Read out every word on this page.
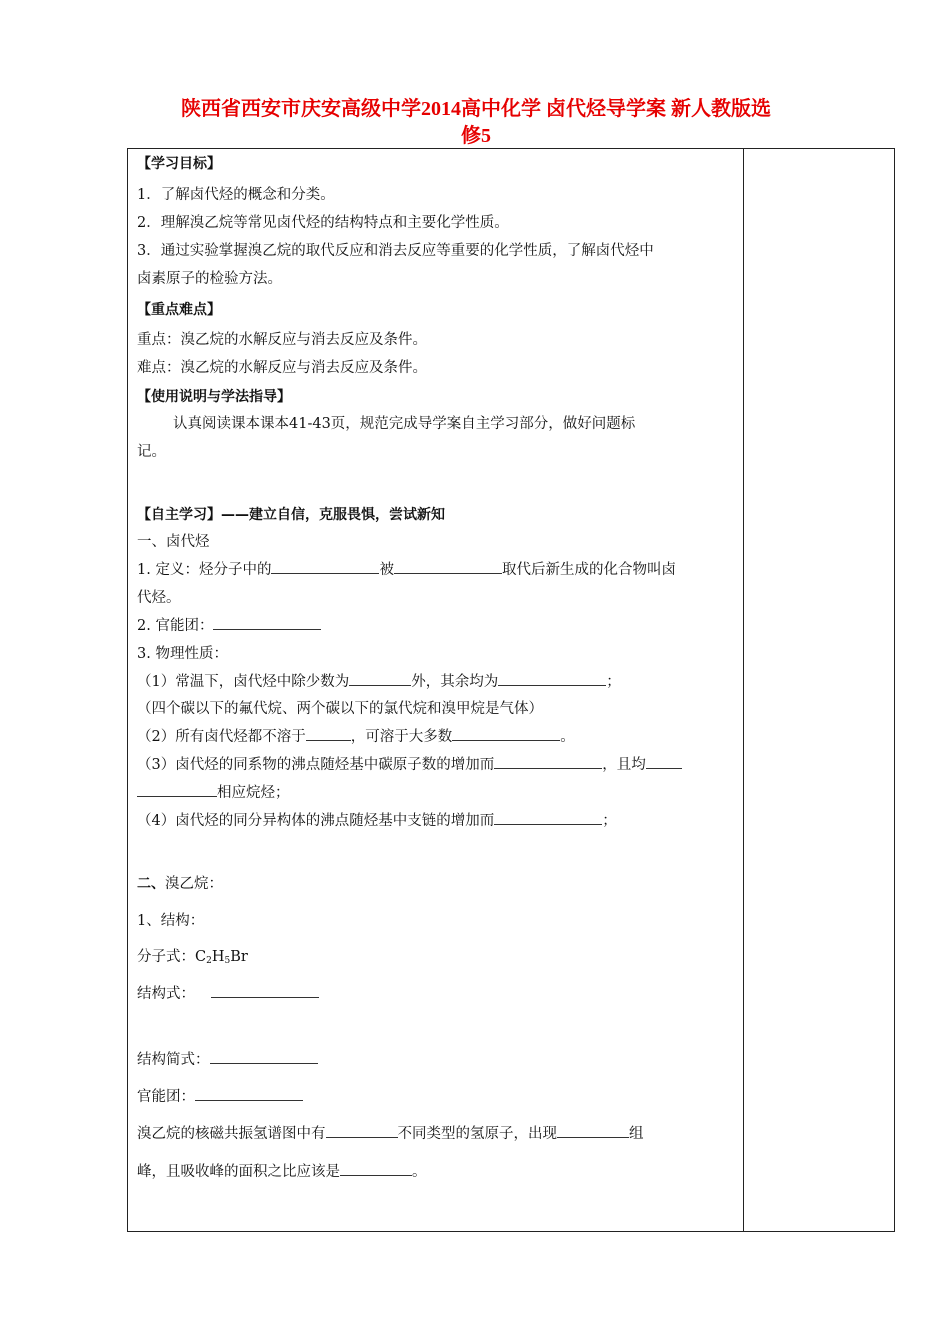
陕西省西安市庆安高级中学2014高中化学 卤代烃导学案 新人教版选
修5
【学习目标】
1．了解卤代烃的概念和分类。
2．理解溴乙烷等常见卤代烃的结构特点和主要化学性质。
3．通过实验掌握溴乙烷的取代反应和消去反应等重要的化学性质，了解卤代烃中
卤素原子的检验方法。
【重点难点】
重点：溴乙烷的水解反应与消去反应及条件。
难点：溴乙烷的水解反应与消去反应及条件。
【使用说明与学法指导】
认真阅读课本课本41-43页，规范完成导学案自主学习部分，做好问题标
记。
【自主学习】——建立自信，克服畏惧，尝试新知
一、卤代烃
1. 定义：烃分子中的	被	取代后新生成的化合物叫卤
代烃。
2. 官能团：
3. 物理性质：
（1）常温下，卤代烃中除少数为	外，其余均为	；
（四个碳以下的氟代烷、两个碳以下的氯代烷和溴甲烷是气体）
（2）所有卤代烃都不溶于	，可溶于大多数	。
（3）卤代烃的同系物的沸点随烃基中碳原子数的增加而	，且均
相应烷烃；
（4）卤代烃的同分异构体的沸点随烃基中支链的增加而	；
二、溴乙烷：
1、结构：
分子式：$C_2H_5Br$
结构式：
结构简式：
官能团：
溴乙烷的核磁共振氢谱图中有	不同类型的氢原子，出现	组
峰，且吸收峰的面积之比应该是	。
